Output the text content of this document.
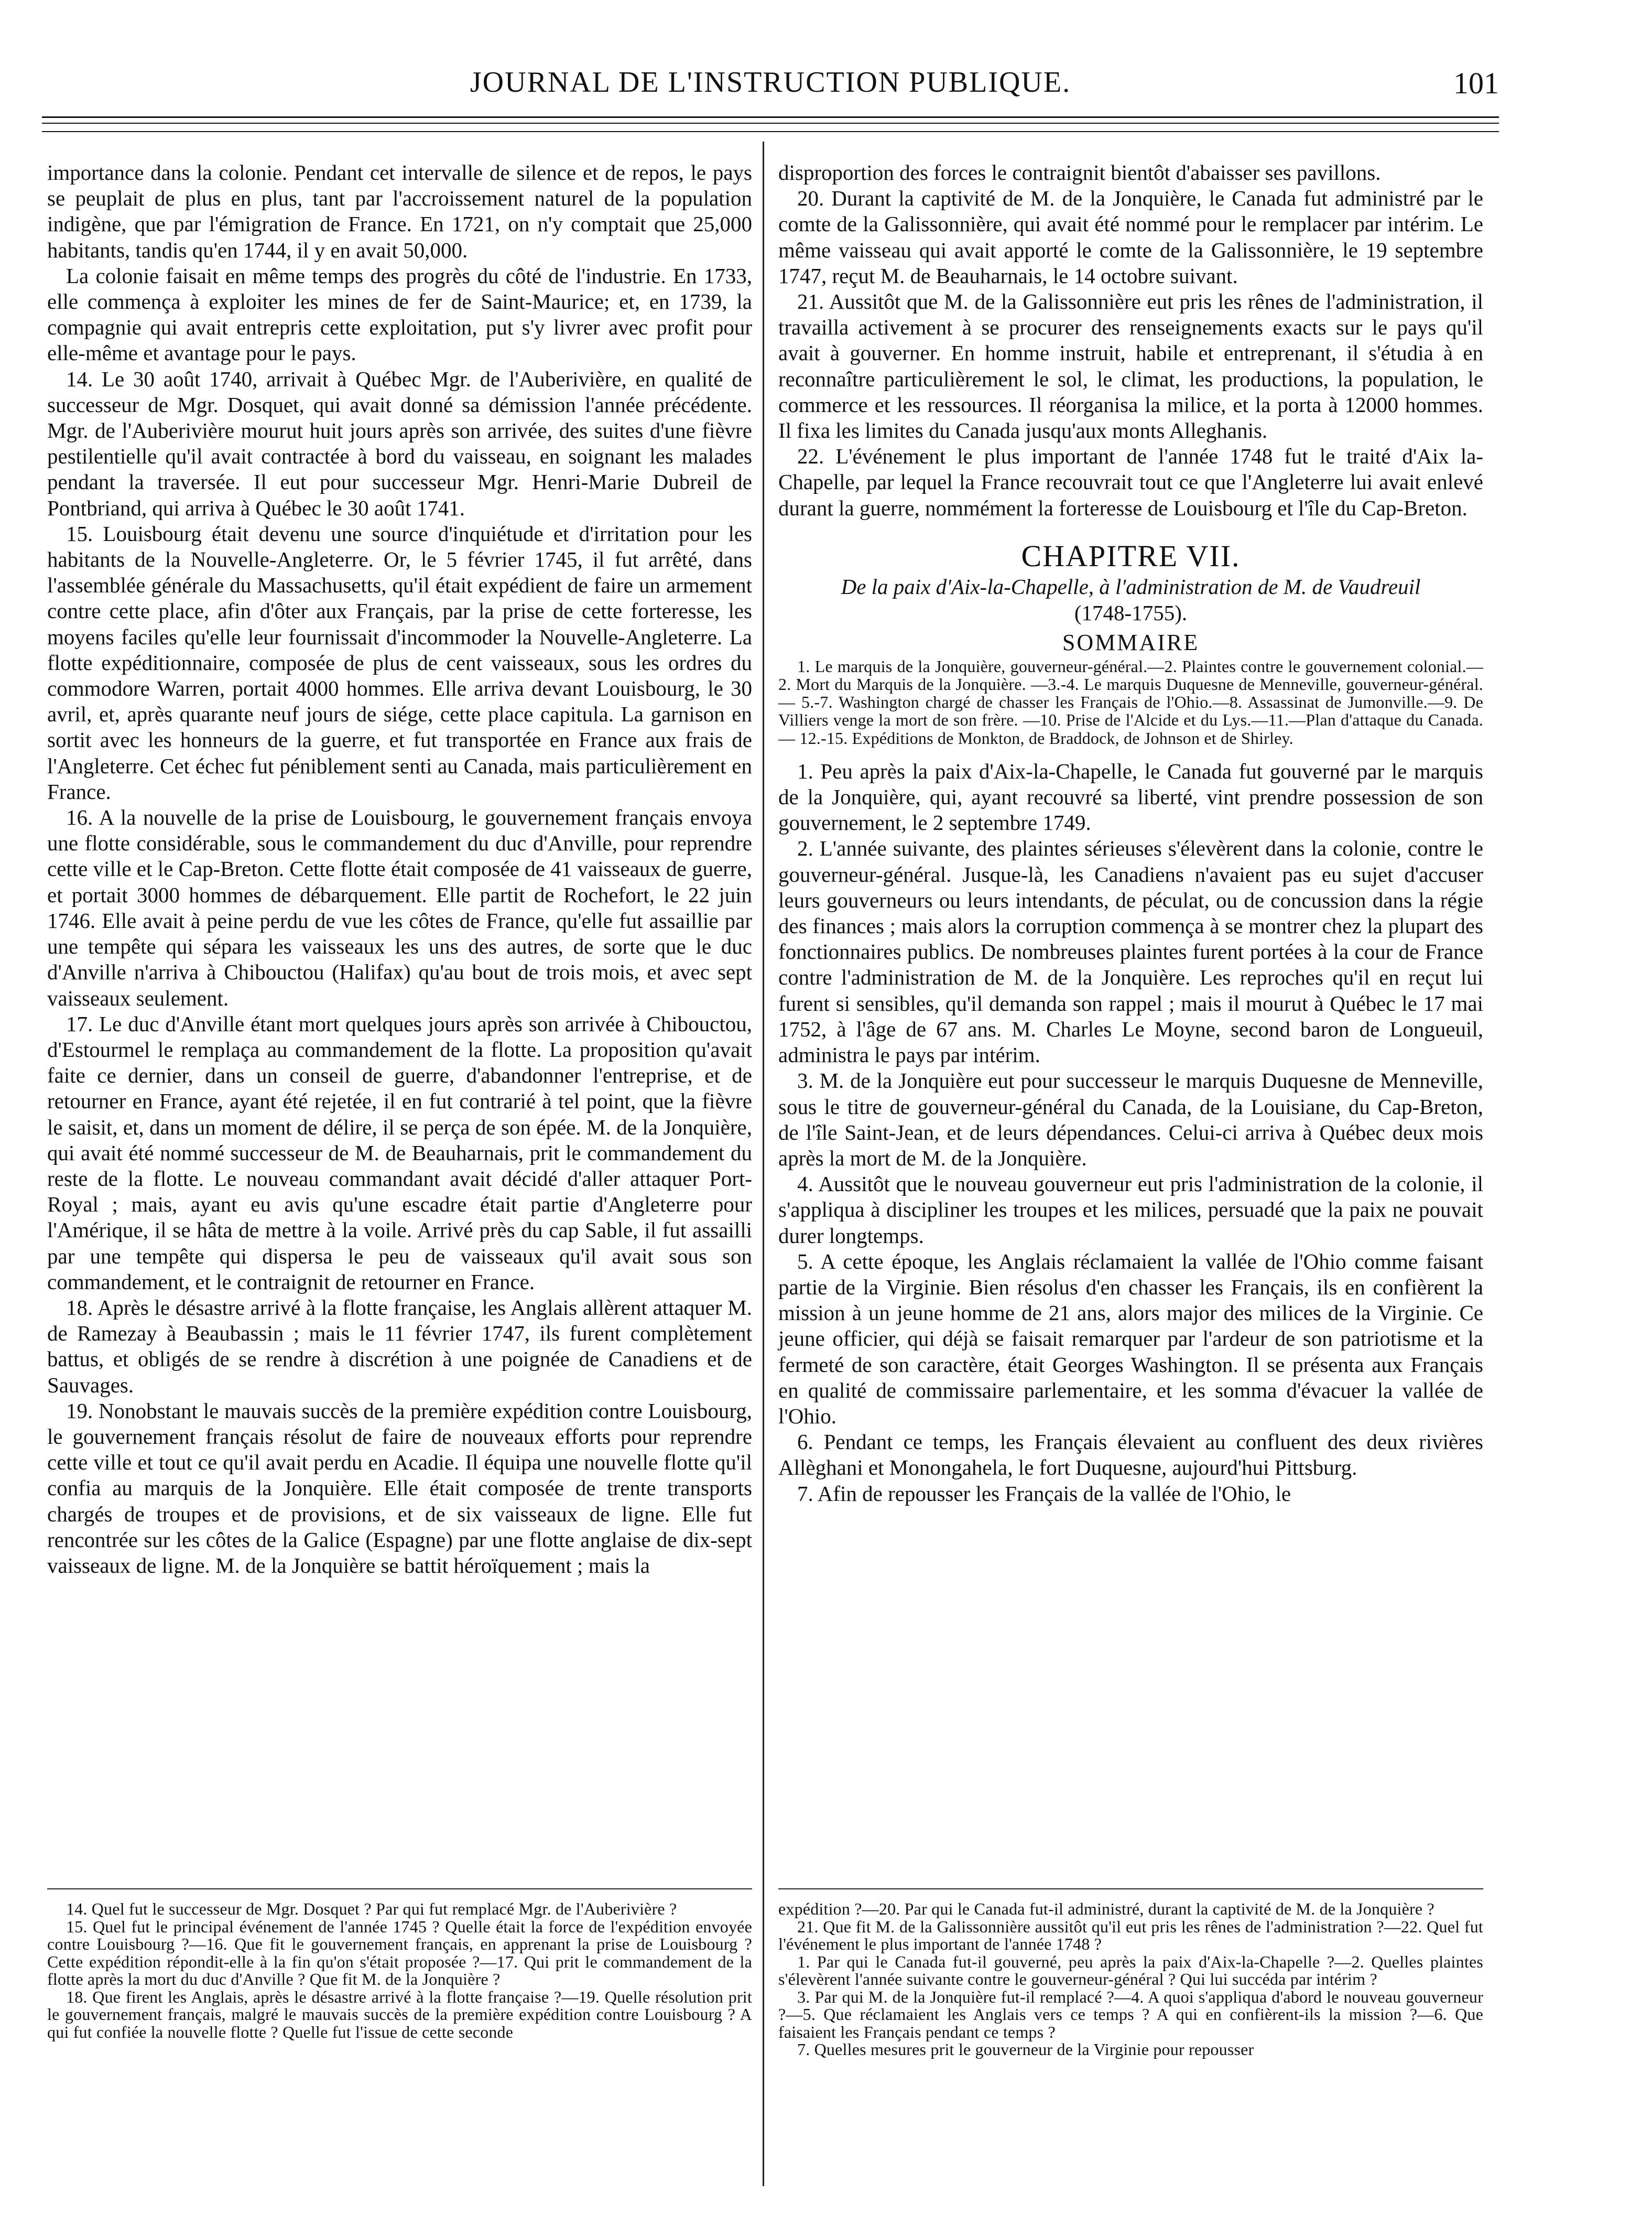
JOURNAL DE L'INSTRUCTION PUBLIQUE.	101

importance dans la colonie. Pendant cet intervalle de silence et de repos, le pays se peuplait de plus en plus, tant par l'accroissement naturel de la population indigène, que par l'émigration de France. En 1721, on n'y comptait que 25,000 habitants, tandis qu'en 1744, il y en avait 50,000.

La colonie faisait en même temps des progrès du côté de l'industrie. En 1733, elle commença à exploiter les mines de fer de Saint-Maurice; et, en 1739, la compagnie qui avait entrepris cette exploitation, put s'y livrer avec profit pour elle-même et avantage pour le pays.

14. Le 30 août 1740, arrivait à Québec Mgr. de l'Auberivière, en qualité de successeur de Mgr. Dosquet, qui avait donné sa démission l'année précédente. Mgr. de l'Auberivière mourut huit jours après son arrivée, des suites d'une fièvre pestilentielle qu'il avait contractée à bord du vaisseau, en soignant les malades pendant la traversée. Il eut pour successeur Mgr. Henri-Marie Dubreil de Pontbriand, qui arriva à Québec le 30 août 1741.

15. Louisbourg était devenu une source d'inquiétude et d'irritation pour les habitants de la Nouvelle-Angleterre. Or, le 5 février 1745, il fut arrêté, dans l'assemblée générale du Massachusetts, qu'il était expédient de faire un armement contre cette place, afin d'ôter aux Français, par la prise de cette forteresse, les moyens faciles qu'elle leur fournissait d'incommoder la Nouvelle-Angleterre. La flotte expéditionnaire, composée de plus de cent vaisseaux, sous les ordres du commodore Warren, portait 4000 hommes. Elle arriva devant Louisbourg, le 30 avril, et, après quarante neuf jours de siége, cette place capitula. La garnison en sortit avec les honneurs de la guerre, et fut transportée en France aux frais de l'Angleterre. Cet échec fut péniblement senti au Canada, mais particulièrement en France.

16. A la nouvelle de la prise de Louisbourg, le gouvernement français envoya une flotte considérable, sous le commandement du duc d'Anville, pour reprendre cette ville et le Cap-Breton. Cette flotte était composée de 41 vaisseaux de guerre, et portait 3000 hommes de débarquement. Elle partit de Rochefort, le 22 juin 1746. Elle avait à peine perdu de vue les côtes de France, qu'elle fut assaillie par une tempête qui sépara les vaisseaux les uns des autres, de sorte que le duc d'Anville n'arriva à Chibouctou (Halifax) qu'au bout de trois mois, et avec sept vaisseaux seulement.

17. Le duc d'Anville étant mort quelques jours après son arrivée à Chibouctou, d'Estourmel le remplaça au commandement de la flotte. La proposition qu'avait faite ce dernier, dans un conseil de guerre, d'abandonner l'entreprise, et de retourner en France, ayant été rejetée, il en fut contrarié à tel point, que la fièvre le saisit, et, dans un moment de délire, il se perça de son épée. M. de la Jonquière, qui avait été nommé successeur de M. de Beauharnais, prit le commandement du reste de la flotte. Le nouveau commandant avait décidé d'aller attaquer Port-Royal ; mais, ayant eu avis qu'une escadre était partie d'Angleterre pour l'Amérique, il se hâta de mettre à la voile. Arrivé près du cap Sable, il fut assailli par une tempête qui dispersa le peu de vaisseaux qu'il avait sous son commandement, et le contraignit de retourner en France.

18. Après le désastre arrivé à la flotte française, les Anglais allèrent attaquer M. de Ramezay à Beaubassin ; mais le 11 février 1747, ils furent complètement battus, et obligés de se rendre à discrétion à une poignée de Canadiens et de Sauvages.

19. Nonobstant le mauvais succès de la première expédition contre Louisbourg, le gouvernement français résolut de faire de nouveaux efforts pour reprendre cette ville et tout ce qu'il avait perdu en Acadie. Il équipa une nouvelle flotte qu'il confia au marquis de la Jonquière. Elle était composée de trente transports chargés de troupes et de provisions, et de six vaisseaux de ligne. Elle fut rencontrée sur les côtes de la Galice (Espagne) par une flotte anglaise de dix-sept vaisseaux de ligne. M. de la Jonquière se battit héroïquement ; mais la

disproportion des forces le contraignit bientôt d'abaisser ses pavillons.

20. Durant la captivité de M. de la Jonquière, le Canada fut administré par le comte de la Galissonnière, qui avait été nommé pour le remplacer par intérim. Le même vaisseau qui avait apporté le comte de la Galissonnière, le 19 septembre 1747, reçut M. de Beauharnais, le 14 octobre suivant.

21. Aussitôt que M. de la Galissonnière eut pris les rênes de l'administration, il travailla activement à se procurer des renseignements exacts sur le pays qu'il avait à gouverner. En homme instruit, habile et entreprenant, il s'étudia à en reconnaître particulièrement le sol, le climat, les productions, la population, le commerce et les ressources. Il réorganisa la milice, et la porta à 12000 hommes. Il fixa les limites du Canada jusqu'aux monts Alleghanis.

22. L'événement le plus important de l'année 1748 fut le traité d'Aix la-Chapelle, par lequel la France recouvrait tout ce que l'Angleterre lui avait enlevé durant la guerre, nommément la forteresse de Louisbourg et l'île du Cap-Breton.

CHAPITRE VII.
De la paix d'Aix-la-Chapelle, à l'administration de M. de Vaudreuil (1748-1755).
SOMMAIRE

1. Le marquis de la Jonquière, gouverneur-général.—2. Plaintes contre le gouvernement colonial.—2. Mort du Marquis de la Jonquière. —3.-4. Le marquis Duquesne de Menneville, gouverneur-général.— 5.-7. Washington chargé de chasser les Français de l'Ohio.—8. Assassinat de Jumonville.—9. De Villiers venge la mort de son frère. —10. Prise de l'Alcide et du Lys.—11.—Plan d'attaque du Canada.— 12.-15. Expéditions de Monkton, de Braddock, de Johnson et de Shirley.

1. Peu après la paix d'Aix-la-Chapelle, le Canada fut gouverné par le marquis de la Jonquière, qui, ayant recouvré sa liberté, vint prendre possession de son gouvernement, le 2 septembre 1749.

2. L'année suivante, des plaintes sérieuses s'élevèrent dans la colonie, contre le gouverneur-général. Jusque-là, les Canadiens n'avaient pas eu sujet d'accuser leurs gouverneurs ou leurs intendants, de péculat, ou de concussion dans la régie des finances ; mais alors la corruption commença à se montrer chez la plupart des fonctionnaires publics. De nombreuses plaintes furent portées à la cour de France contre l'administration de M. de la Jonquière. Les reproches qu'il en reçut lui furent si sensibles, qu'il demanda son rappel ; mais il mourut à Québec le 17 mai 1752, à l'âge de 67 ans. M. Charles Le Moyne, second baron de Longueuil, administra le pays par intérim.

3. M. de la Jonquière eut pour successeur le marquis Duquesne de Menneville, sous le titre de gouverneur-général du Canada, de la Louisiane, du Cap-Breton, de l'île Saint-Jean, et de leurs dépendances. Celui-ci arriva à Québec deux mois après la mort de M. de la Jonquière.

4. Aussitôt que le nouveau gouverneur eut pris l'administration de la colonie, il s'appliqua à discipliner les troupes et les milices, persuadé que la paix ne pouvait durer longtemps.

5. A cette époque, les Anglais réclamaient la vallée de l'Ohio comme faisant partie de la Virginie. Bien résolus d'en chasser les Français, ils en confièrent la mission à un jeune homme de 21 ans, alors major des milices de la Virginie. Ce jeune officier, qui déjà se faisait remarquer par l'ardeur de son patriotisme et la fermeté de son caractère, était Georges Washington. Il se présenta aux Français en qualité de commissaire parlementaire, et les somma d'évacuer la vallée de l'Ohio.

6. Pendant ce temps, les Français élevaient au confluent des deux rivières Allèghani et Monongahela, le fort Duquesne, aujourd'hui Pittsburg.

7. Afin de repousser les Français de la vallée de l'Ohio, le

14. Quel fut le successeur de Mgr. Dosquet ? Par qui fut remplacé Mgr. de l'Auberivière ?

15. Quel fut le principal événement de l'année 1745 ? Quelle était la force de l'expédition envoyée contre Louisbourg ?—16. Que fit le gouvernement français, en apprenant la prise de Louisbourg ? Cette expédition répondit-elle à la fin qu'on s'était proposée ?—17. Qui prit le commandement de la flotte après la mort du duc d'Anville ? Que fit M. de la Jonquière ?

18. Que firent les Anglais, après le désastre arrivé à la flotte française ?—19. Quelle résolution prit le gouvernement français, malgré le mauvais succès de la première expédition contre Louisbourg ? A qui fut confiée la nouvelle flotte ? Quelle fut l'issue de cette seconde

expédition ?—20. Par qui le Canada fut-il administré, durant la captivité de M. de la Jonquière ?

21. Que fit M. de la Galissonnière aussitôt qu'il eut pris les rênes de l'administration ?—22. Quel fut l'événement le plus important de l'année 1748 ?

1. Par qui le Canada fut-il gouverné, peu après la paix d'Aix-la-Chapelle ?—2. Quelles plaintes s'élevèrent l'année suivante contre le gouverneur-général ? Qui lui succéda par intérim ?

3. Par qui M. de la Jonquière fut-il remplacé ?—4. A quoi s'appliqua d'abord le nouveau gouverneur ?—5. Que réclamaient les Anglais vers ce temps ? A qui en confièrent-ils la mission ?—6. Que faisaient les Français pendant ce temps ?

7. Quelles mesures prit le gouverneur de la Virginie pour repousser
